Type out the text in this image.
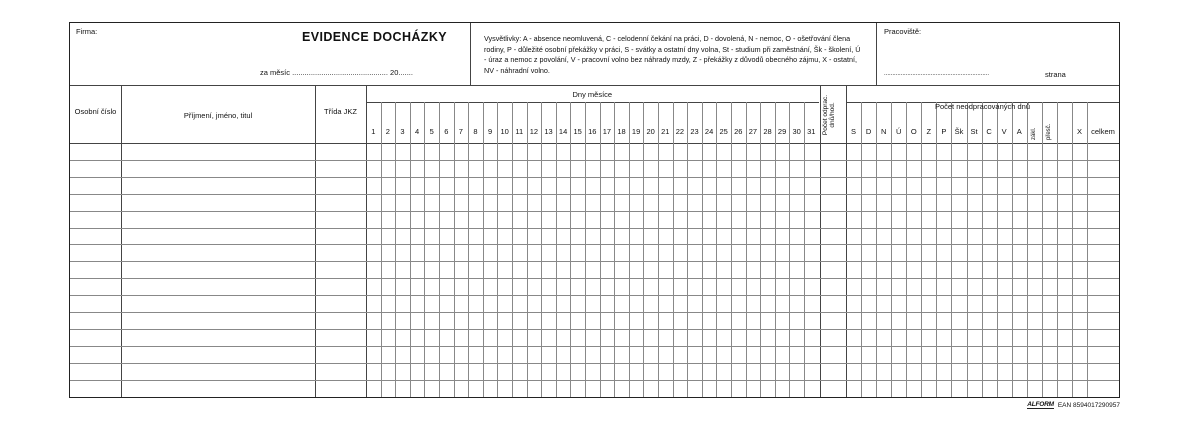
Firma:	EVIDENCE DOCHÁZKY
za měsíc .............................................. 20.......
Vysvětlivky: A - absence neomluvená, C - celodenní čekání na práci, D - dovolená, N - nemoc, O - ošetřování člena rodiny, P - důležité osobní překážky v práci, S - svátky a ostatní dny volna, St - studium při zaměstnání, Šk - školení, Ú - úraz a nemoc z povolání, V - pracovní volno bez náhrady mzdy, Z - překážky z důvodů obecného zájmu, X - ostatní, NV - náhradní volno.
Pracoviště:
...............................................................	strana
1	2	3	4	5	6	7	8	9	10 11 12 13 14 15 16 17 18 19 20 21 22 23 24 25 26 27 28 29 30 31	S	D	N	Ú	O	Z	P	Šk St	C	V	A	zákl. přesč.	X	celkem
Osobní číslo	Příjmení, jméno, titul	Třída JKZ
Dny měsíce
Počet odprac. dnů/hod.	Počet neodpracovaných dnů
ALFORM EAN 8594017290957
